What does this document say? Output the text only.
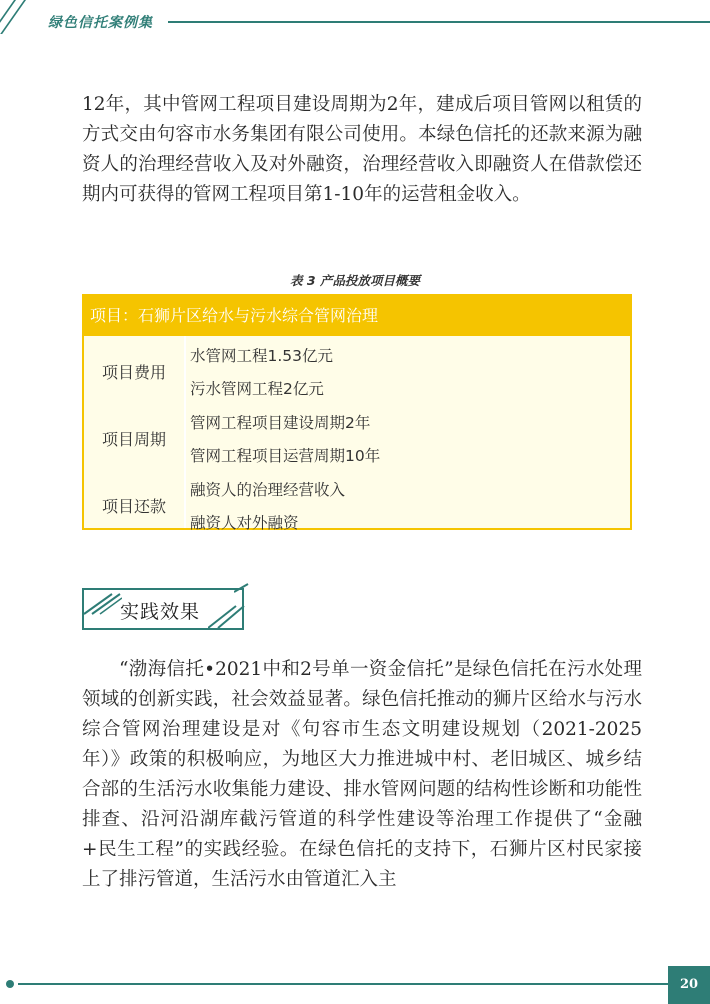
绿色信托案例集
12年，其中管网工程项目建设周期为2年，建成后项目管网以租赁的方式交由句容市水务集团有限公司使用。本绿色信托的还款来源为融资人的治理经营收入及对外融资，治理经营收入即融资人在借款偿还期内可获得的管网工程项目第1-10年的运营租金收入。
表 3 产品投放项目概要
项目：石狮片区给水与污水综合管网治理
项目费用
水管网工程1.53亿元
污水管网工程2亿元
项目周期
管网工程项目建设周期2年
管网工程项目运营周期10年
项目还款
融资人的治理经营收入
融资人对外融资
实践效果
“渤海信托•2021中和2号单一资金信托”是绿色信托在污水处理领域的创新实践，社会效益显著。绿色信托推动的狮片区给水与污水综合管网治理建设是对《句容市生态文明建设规划（2021-2025年）》政策的积极响应，为地区大力推进城中村、老旧城区、城乡结合部的生活污水收集能力建设、排水管网问题的结构性诊断和功能性排查、沿河沿湖库截污管道的科学性建设等治理工作提供了“金融+民生工程”的实践经验。在绿色信托的支持下，石狮片区村民家接上了排污管道，生活污水由管道汇入主
20
